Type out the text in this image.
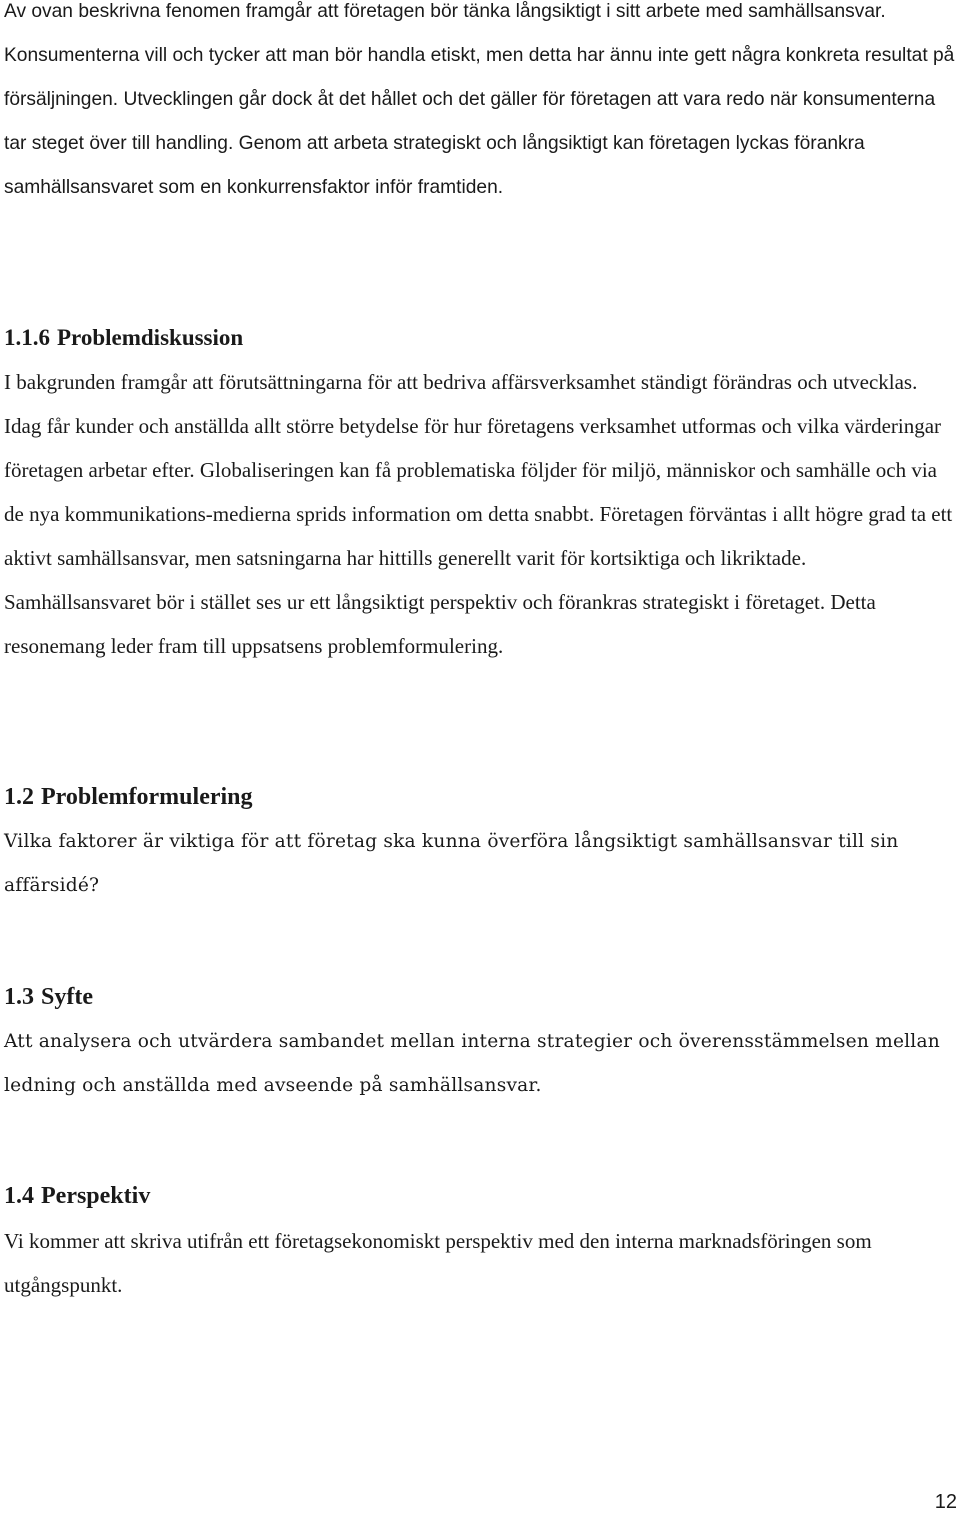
Av ovan beskrivna fenomen framgår att företagen bör tänka långsiktigt i sitt arbete med samhällsansvar. Konsumenterna vill och tycker att man bör handla etiskt, men detta har ännu inte gett några konkreta resultat på försäljningen. Utvecklingen går dock åt det hållet och det gäller för företagen att vara redo när konsumenterna tar steget över till handling. Genom att arbeta strategiskt och långsiktigt kan företagen lyckas förankra samhällsansvaret som en konkurrensfaktor inför framtiden.

1.1.6 Problemdiskussion

I bakgrunden framgår att förutsättningarna för att bedriva affärsverksamhet ständigt förändras och utvecklas. Idag får kunder och anställda allt större betydelse för hur företagens verksamhet utformas och vilka värderingar företagen arbetar efter. Globaliseringen kan få problematiska följder för miljö, människor och samhälle och via de nya kommunikations-medierna sprids information om detta snabbt. Företagen förväntas i allt högre grad ta ett aktivt samhällsansvar, men satsningarna har hittills generellt varit för kortsiktiga och likriktade. Samhällsansvaret bör i stället ses ur ett långsiktigt perspektiv och förankras strategiskt i företaget. Detta resonemang leder fram till uppsatsens problemformulering.

1.2 Problemformulering

Vilka faktorer är viktiga för att företag ska kunna överföra långsiktigt samhällsansvar till sin affärsidé?

1.3 Syfte

Att analysera och utvärdera sambandet mellan interna strategier och överensstämmelsen mellan ledning och anställda med avseende på samhällsansvar.

1.4 Perspektiv

Vi kommer att skriva utifrån ett företagsekonomiskt perspektiv med den interna marknadsföringen som utgångspunkt.

12
